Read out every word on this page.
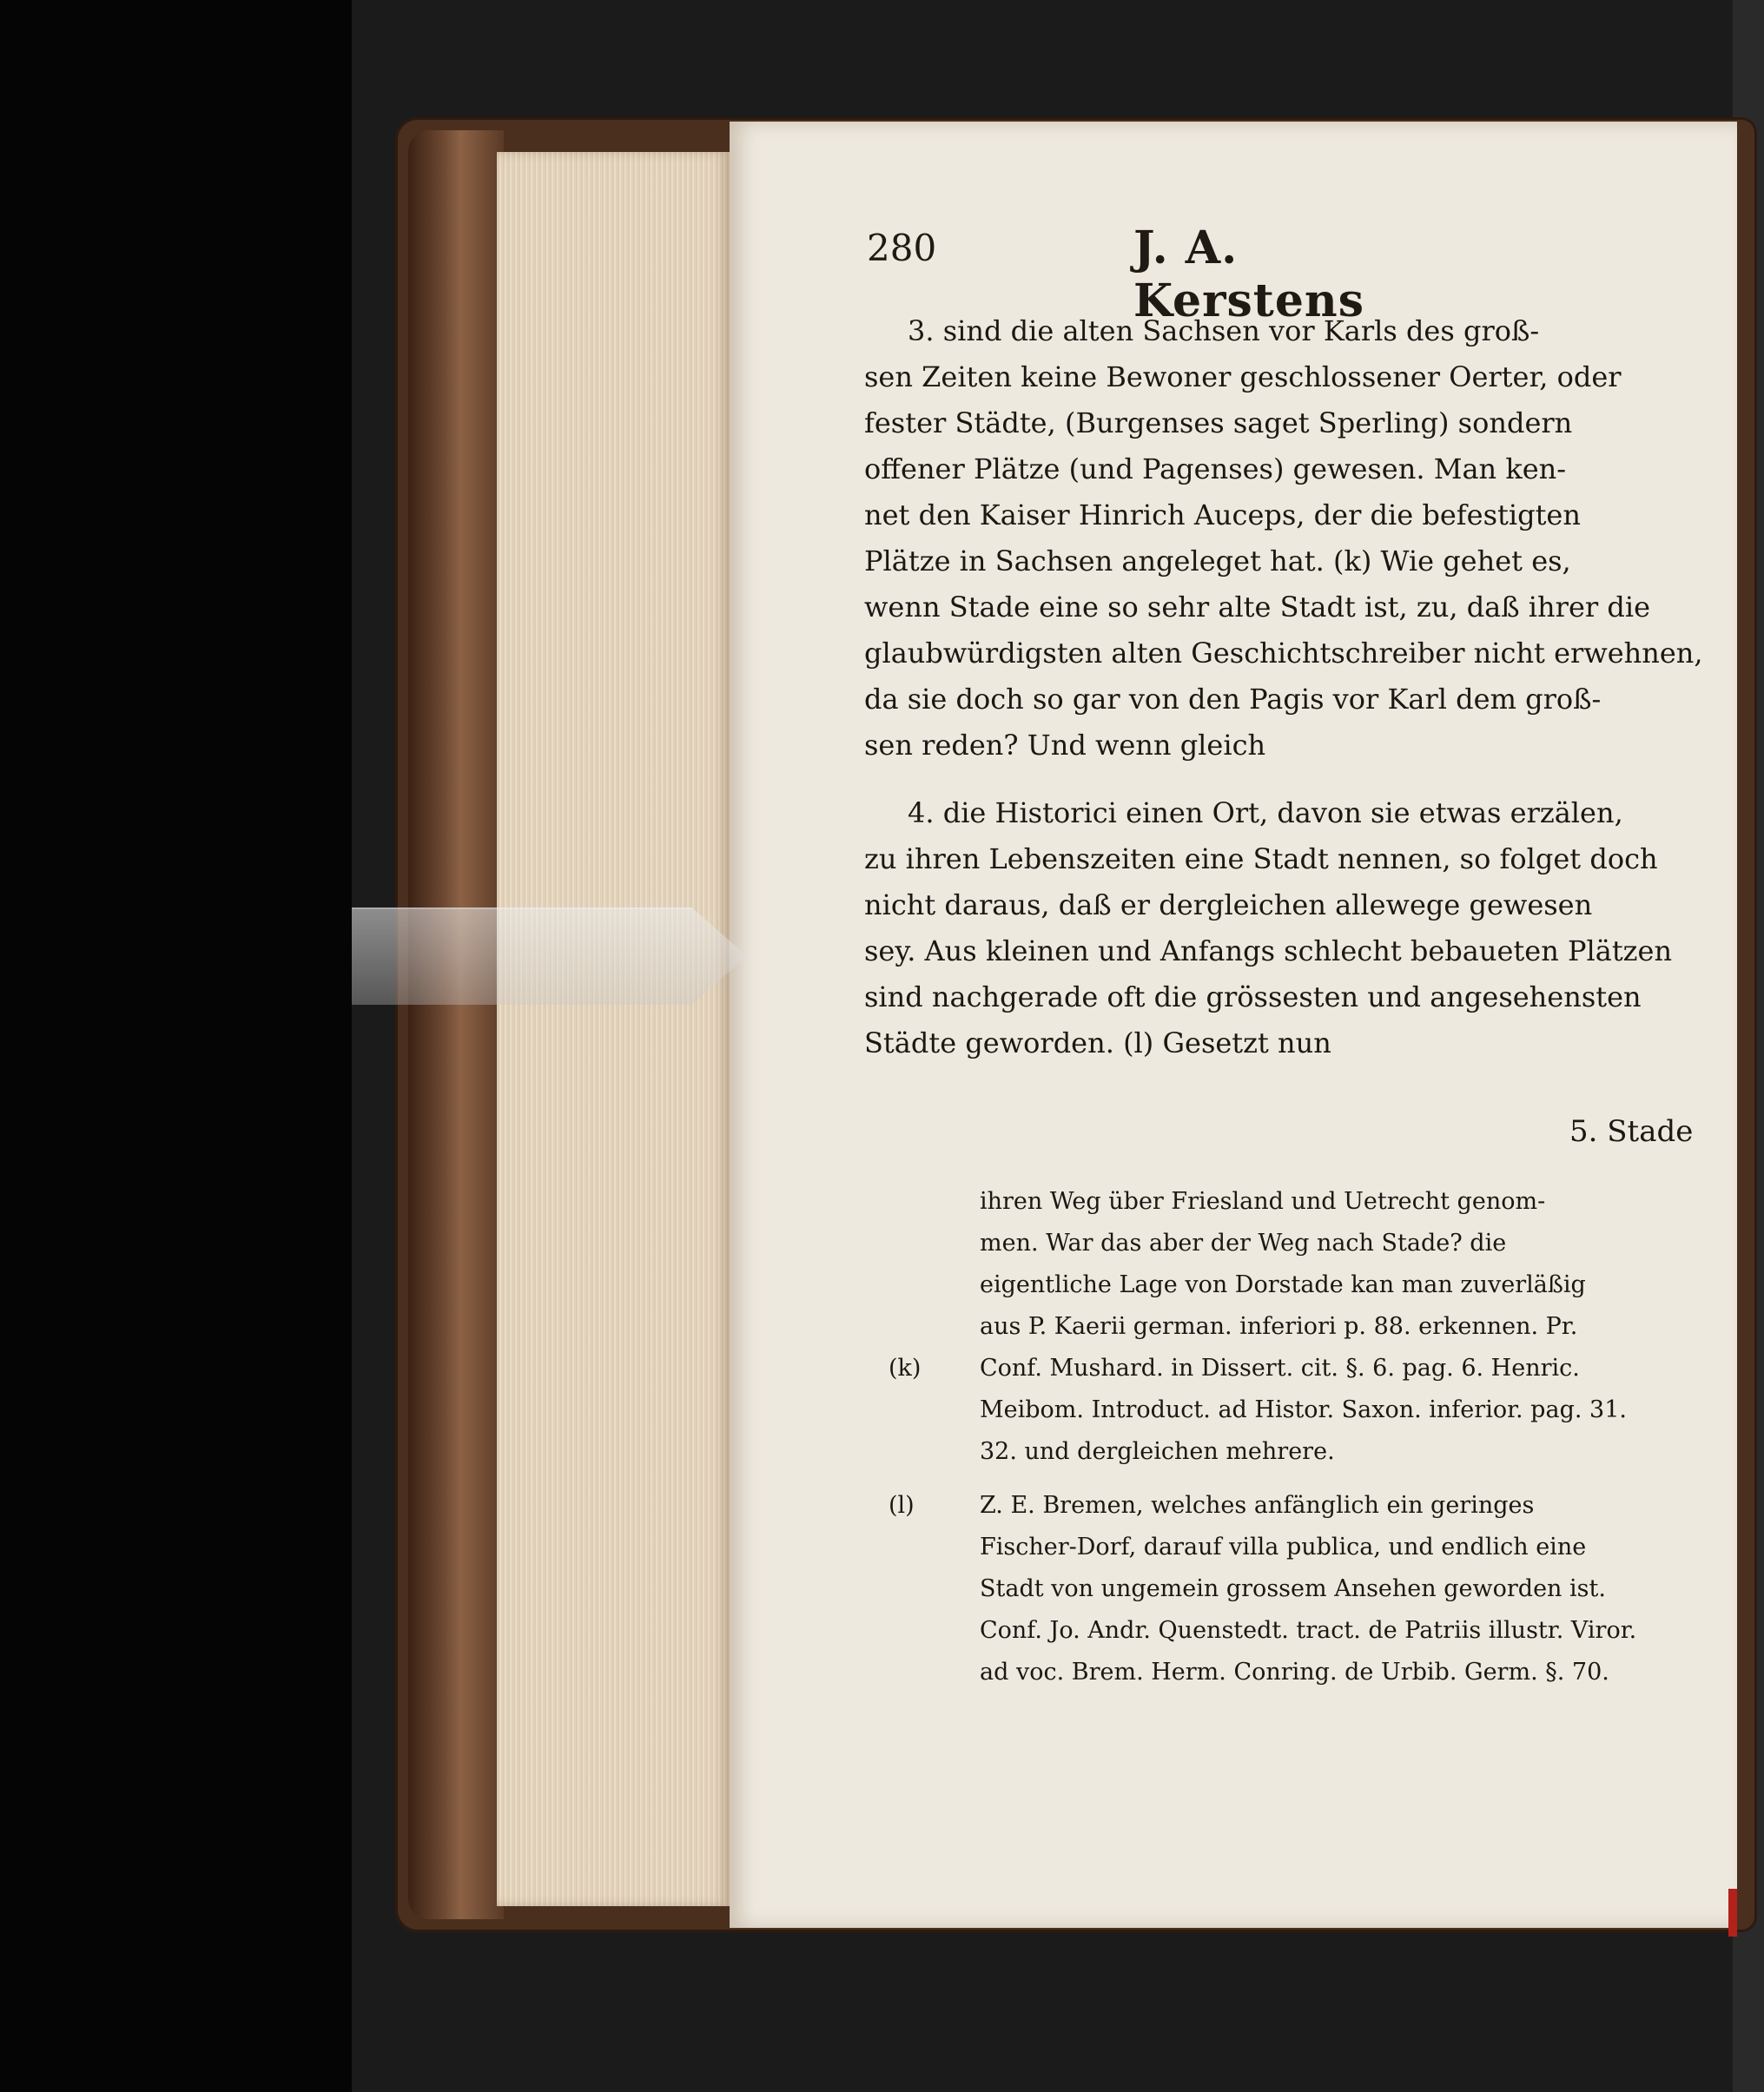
280	J. A. Kerstens
3. sind die alten Sachsen vor Karls des groß-
sen Zeiten keine Bewoner geschlossener Oerter, oder
fester Städte, (Burgenses saget Sperling) sondern
offener Plätze (und Pagenses) gewesen. Man ken-
net den Kaiser Hinrich Auceps, der die befestigten
Plätze in Sachsen angeleget hat. (k) Wie gehet es,
wenn Stade eine so sehr alte Stadt ist, zu, daß ihrer die
glaubwürdigsten alten Geschichtschreiber nicht erwehnen,
da sie doch so gar von den Pagis vor Karl dem groß-
sen reden? Und wenn gleich
4. die Historici einen Ort, davon sie etwas erzälen,
zu ihren Lebenszeiten eine Stadt nennen, so folget doch
nicht daraus, daß er dergleichen allewege gewesen
sey. Aus kleinen und Anfangs schlecht bebaueten Plätzen
sind nachgerade oft die grössesten und angesehensten
Städte geworden. (l) Gesetzt nun
5. Stade
ihren Weg über Friesland und Uetrecht genom-
men. War das aber der Weg nach Stade? die
eigentliche Lage von Dorstade kan man zuverläßig
aus P. Kaerii german. inferiori p. 88. erkennen. Pr.
(k)	Conf. Mushard. in Dissert. cit. §. 6. pag. 6. Henric.
Meibom. Introduct. ad Histor. Saxon. inferior. pag. 31.
32. und dergleichen mehrere.
(l)	Z. E. Bremen, welches anfänglich ein geringes
Fischer-Dorf, darauf villa publica, und endlich eine
Stadt von ungemein grossem Ansehen geworden ist.
Conf. Jo. Andr. Quenstedt. tract. de Patriis illustr. Viror.
ad voc. Brem. Herm. Conring. de Urbib. Germ. §. 70.
